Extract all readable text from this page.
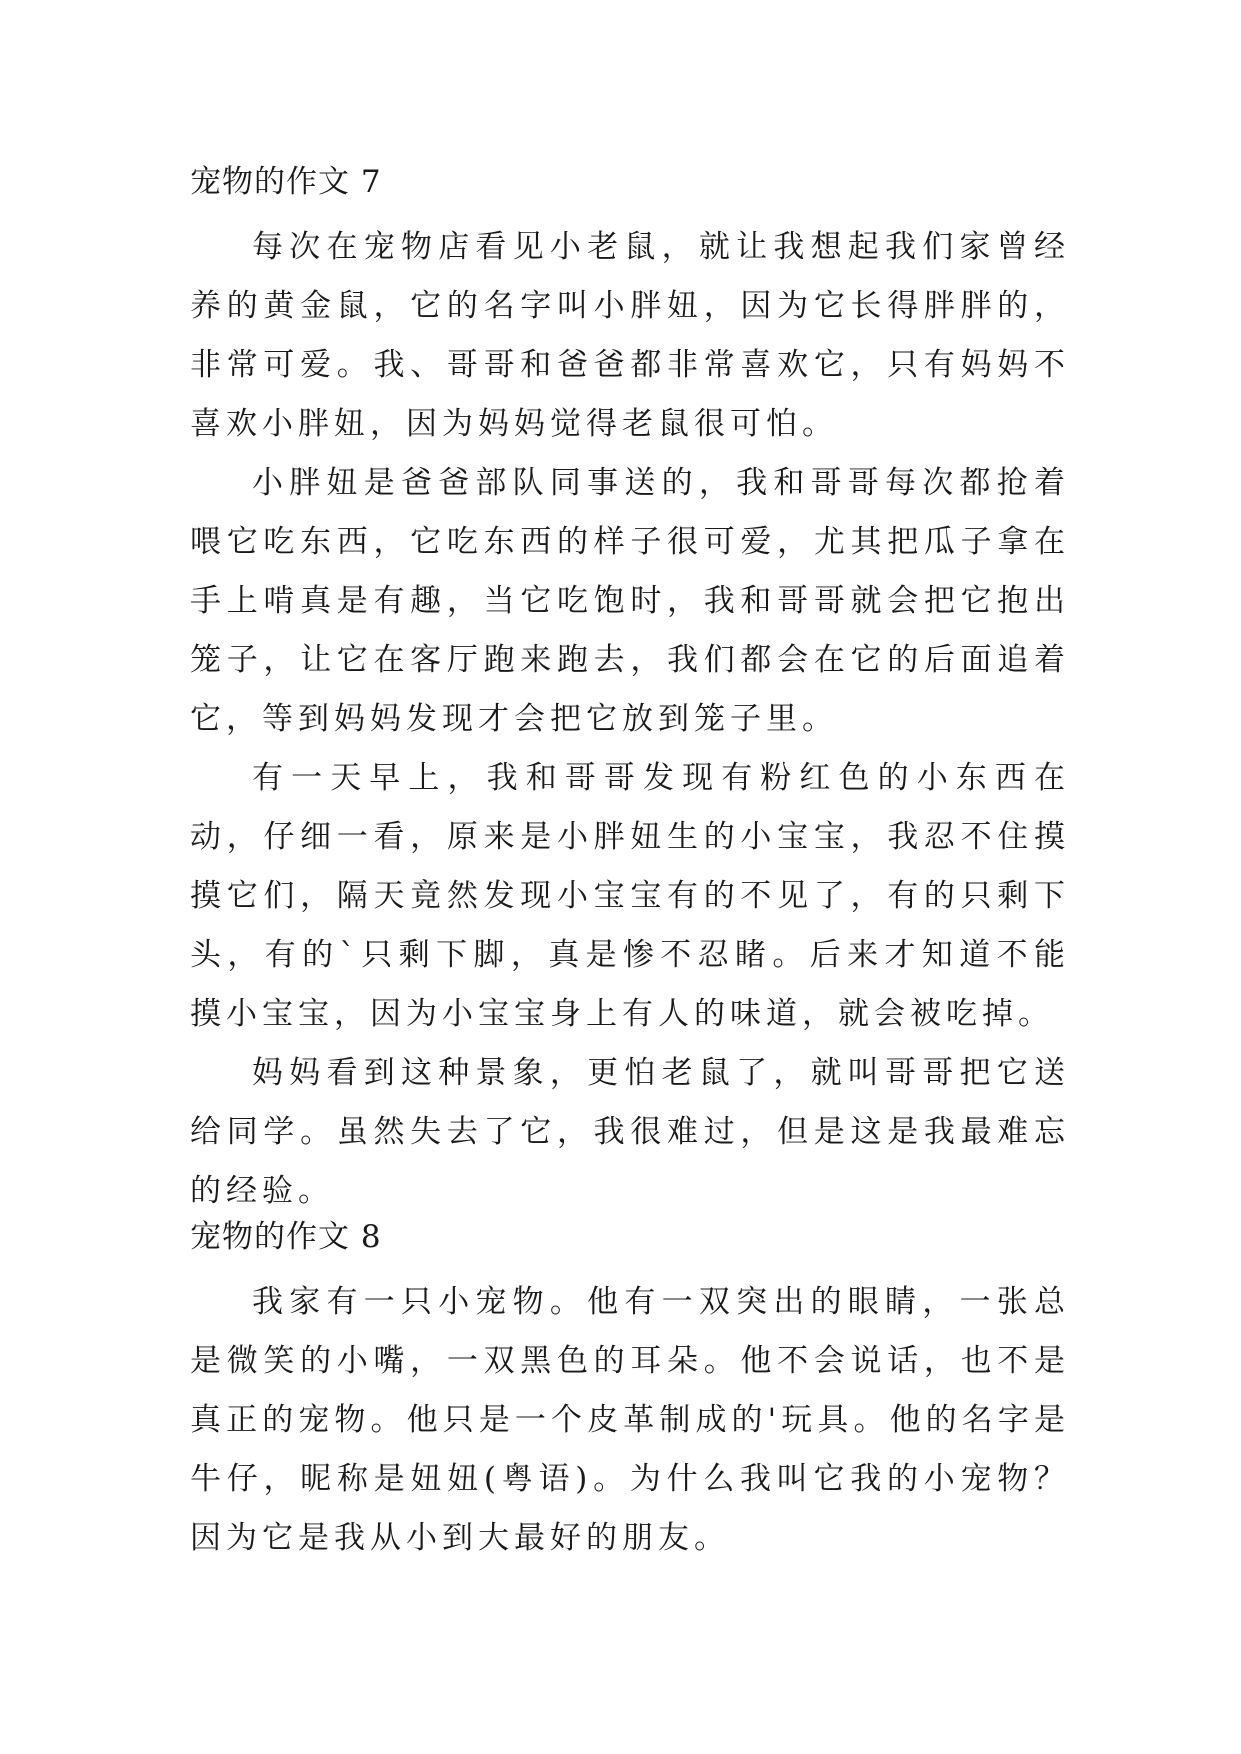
宠物的作文 7

每次在宠物店看见小老鼠，就让我想起我们家曾经养的黄金鼠，它的名字叫小胖妞，因为它长得胖胖的，非常可爱。我、哥哥和爸爸都非常喜欢它，只有妈妈不喜欢小胖妞，因为妈妈觉得老鼠很可怕。

小胖妞是爸爸部队同事送的，我和哥哥每次都抢着喂它吃东西，它吃东西的样子很可爱，尤其把瓜子拿在手上啃真是有趣，当它吃饱时，我和哥哥就会把它抱出笼子，让它在客厅跑来跑去，我们都会在它的后面追着它，等到妈妈发现才会把它放到笼子里。

有一天早上，我和哥哥发现有粉红色的小东西在动，仔细一看，原来是小胖妞生的小宝宝，我忍不住摸摸它们，隔天竟然发现小宝宝有的不见了，有的只剩下头，有的`只剩下脚，真是惨不忍睹。后来才知道不能摸小宝宝，因为小宝宝身上有人的味道，就会被吃掉。

妈妈看到这种景象，更怕老鼠了，就叫哥哥把它送给同学。虽然失去了它，我很难过，但是这是我最难忘的经验。

宠物的作文 8

我家有一只小宠物。他有一双突出的眼睛，一张总是微笑的小嘴，一双黑色的耳朵。他不会说话，也不是真正的宠物。他只是一个皮革制成的'玩具。他的名字是牛仔，昵称是妞妞(粤语)。为什么我叫它我的小宠物？因为它是我从小到大最好的朋友。
